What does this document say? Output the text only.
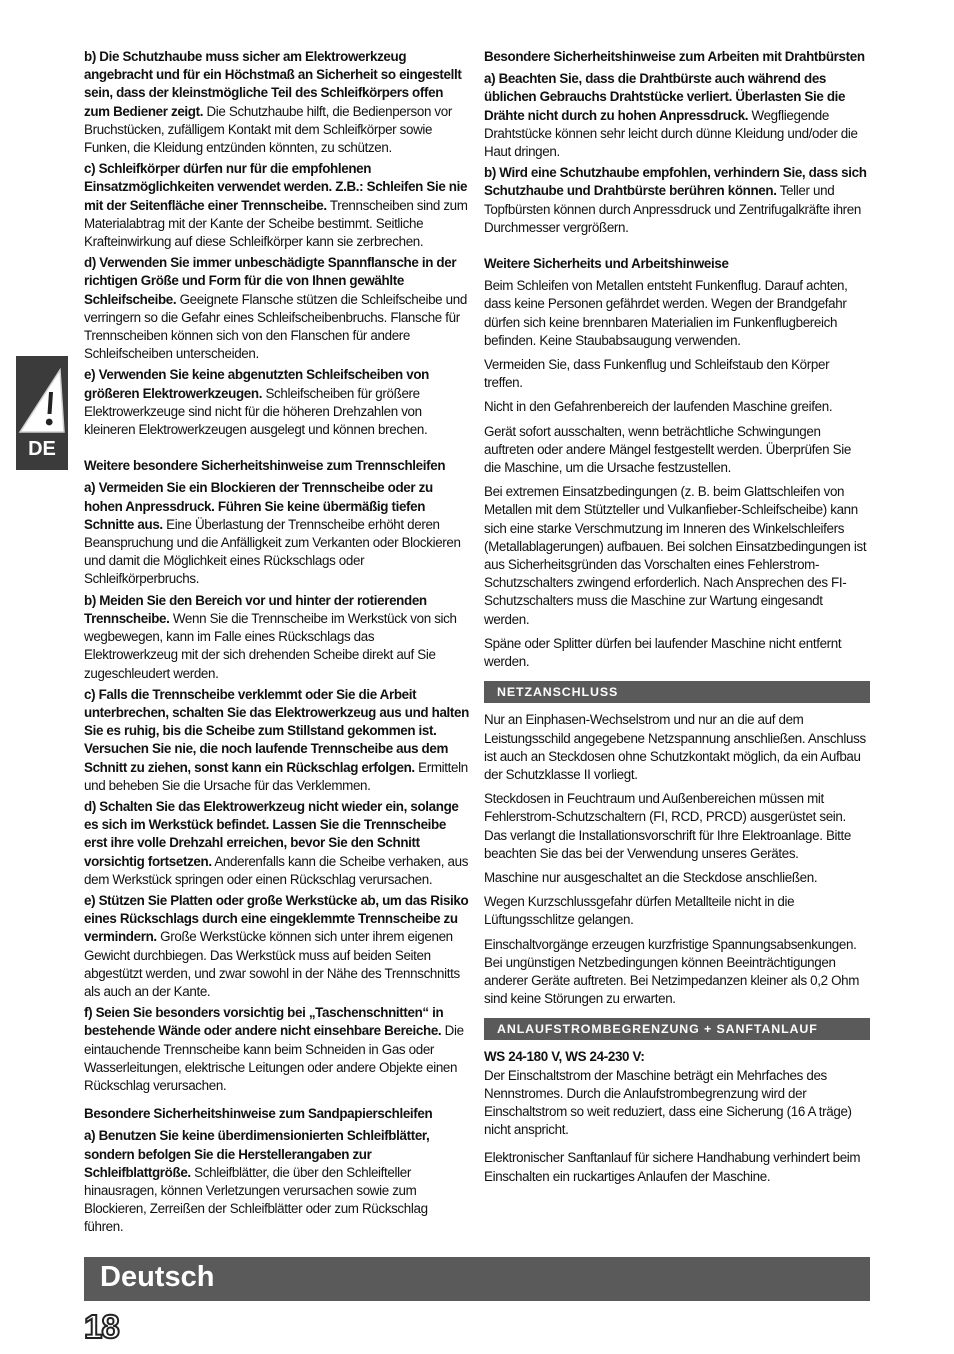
DE

b) Die Schutzhaube muss sicher am Elektrowerkzeug angebracht und für ein Höchstmaß an Sicherheit so eingestellt sein, dass der kleinstmögliche Teil des Schleifkörpers offen zum Bediener zeigt. Die Schutzhaube hilft, die Bedienperson vor Bruchstücken, zufälligem Kontakt mit dem Schleifkörper sowie Funken, die Kleidung entzünden könnten, zu schützen.

c) Schleifkörper dürfen nur für die empfohlenen Einsatzmöglichkeiten verwendet werden. Z.B.: Schleifen Sie nie mit der Seitenfläche einer Trennscheibe. Trennscheiben sind zum Materialabtrag mit der Kante der Scheibe bestimmt. Seitliche Krafteinwirkung auf diese Schleifkörper kann sie zerbrechen.

d) Verwenden Sie immer unbeschädigte Spannflansche in der richtigen Größe und Form für die von Ihnen gewählte Schleifscheibe. Geeignete Flansche stützen die Schleifscheibe und verringern so die Gefahr eines Schleifscheibenbruchs. Flansche für Trennscheiben können sich von den Flanschen für andere Schleifscheiben unterscheiden.

e) Verwenden Sie keine abgenutzten Schleifscheiben von größeren Elektrowerkzeugen. Schleifscheiben für größere Elektrowerkzeuge sind nicht für die höheren Drehzahlen von kleineren Elektrowerkzeugen ausgelegt und können brechen.

Weitere besondere Sicherheitshinweise zum Trennschleifen

a) Vermeiden Sie ein Blockieren der Trennscheibe oder zu hohen Anpressdruck. Führen Sie keine übermäßig tiefen Schnitte aus. Eine Überlastung der Trennscheibe erhöht deren Beanspruchung und die Anfälligkeit zum Verkanten oder Blockieren und damit die Möglichkeit eines Rückschlags oder Schleifkörperbruchs.

b) Meiden Sie den Bereich vor und hinter der rotierenden Trennscheibe. Wenn Sie die Trennscheibe im Werkstück von sich wegbewegen, kann im Falle eines Rückschlags das Elektrowerkzeug mit der sich drehenden Scheibe direkt auf Sie zugeschleudert werden.

c) Falls die Trennscheibe verklemmt oder Sie die Arbeit unterbrechen, schalten Sie das Elektrowerkzeug aus und halten Sie es ruhig, bis die Scheibe zum Stillstand gekommen ist. Versuchen Sie nie, die noch laufende Trennscheibe aus dem Schnitt zu ziehen, sonst kann ein Rückschlag erfolgen. Ermitteln und beheben Sie die Ursache für das Verklemmen.

d) Schalten Sie das Elektrowerkzeug nicht wieder ein, solange es sich im Werkstück befindet. Lassen Sie die Trennscheibe erst ihre volle Drehzahl erreichen, bevor Sie den Schnitt vorsichtig fortsetzen. Anderenfalls kann die Scheibe verhaken, aus dem Werkstück springen oder einen Rückschlag verursachen.

e) Stützen Sie Platten oder große Werkstücke ab, um das Risiko eines Rückschlags durch eine eingeklemmte Trennscheibe zu vermindern. Große Werkstücke können sich unter ihrem eigenen Gewicht durchbiegen. Das Werkstück muss auf beiden Seiten abgestützt werden, und zwar sowohl in der Nähe des Trennschnitts als auch an der Kante.

f) Seien Sie besonders vorsichtig bei „Taschenschnitten“ in bestehende Wände oder andere nicht einsehbare Bereiche. Die eintauchende Trennscheibe kann beim Schneiden in Gas oder Wasserleitungen, elektrische Leitungen oder andere Objekte einen Rückschlag verursachen.

Besondere Sicherheitshinweise zum Sandpapierschleifen

a) Benutzen Sie keine überdimensionierten Schleifblätter, sondern befolgen Sie die Herstellerangaben zur Schleifblattgröße. Schleifblätter, die über den Schleifteller hinausragen, können Verletzungen verursachen sowie zum Blockieren, Zerreißen der Schleifblätter oder zum Rückschlag führen.

Besondere Sicherheitshinweise zum Arbeiten mit Drahtbürsten

a) Beachten Sie, dass die Drahtbürste auch während des üblichen Gebrauchs Drahtstücke verliert. Überlasten Sie die Drähte nicht durch zu hohen Anpressdruck. Wegfliegende Drahtstücke können sehr leicht durch dünne Kleidung und/oder die Haut dringen.

b) Wird eine Schutzhaube empfohlen, verhindern Sie, dass sich Schutzhaube und Drahtbürste berühren können. Teller und Topfbürsten können durch Anpressdruck und Zentrifugalkräfte ihren Durchmesser vergrößern.

Weitere Sicherheits und Arbeitshinweise

Beim Schleifen von Metallen entsteht Funkenflug. Darauf achten, dass keine Personen gefährdet werden. Wegen der Brandgefahr dürfen sich keine brennbaren Materialien im Funkenflugbereich befinden. Keine Staubabsaugung verwenden.

Vermeiden Sie, dass Funkenflug und Schleifstaub den Körper treffen.

Nicht in den Gefahrenbereich der laufenden Maschine greifen.

Gerät sofort ausschalten, wenn beträchtliche Schwingungen auftreten oder andere Mängel festgestellt werden. Überprüfen Sie die Maschine, um die Ursache festzustellen.

Bei extremen Einsatzbedingungen (z. B. beim Glattschleifen von Metallen mit dem Stützteller und Vulkanfieber-Schleifscheibe) kann sich eine starke Verschmutzung im Inneren des Winkelschleifers (Metallablagerungen) aufbauen. Bei solchen Einsatzbedingungen ist aus Sicherheitsgründen das Vorschalten eines Fehlerstrom-Schutzschalters zwingend erforderlich. Nach Ansprechen des FI-Schutzschalters muss die Maschine zur Wartung eingesandt werden.

Späne oder Splitter dürfen bei laufender Maschine nicht entfernt werden.

NETZANSCHLUSS

Nur an Einphasen-Wechselstrom und nur an die auf dem Leistungsschild angegebene Netzspannung anschließen. Anschluss ist auch an Steckdosen ohne Schutzkontakt möglich, da ein Aufbau der Schutzklasse II vorliegt.

Steckdosen in Feuchtraum und Außenbereichen müssen mit Fehlerstrom-Schutzschaltern (FI, RCD, PRCD) ausgerüstet sein. Das verlangt die Installationsvorschrift für Ihre Elektroanlage. Bitte beachten Sie das bei der Verwendung unseres Gerätes.

Maschine nur ausgeschaltet an die Steckdose anschließen.

Wegen Kurzschlussgefahr dürfen Metallteile nicht in die Lüftungsschlitze gelangen.

Einschaltvorgänge erzeugen kurzfristige Spannungsabsenkungen. Bei ungünstigen Netzbedingungen können Beeinträchtigungen anderer Geräte auftreten. Bei Netzimpedanzen kleiner als 0,2 Ohm sind keine Störungen zu erwarten.

ANLAUFSTROMBEGRENZUNG + SANFTANLAUF

WS 24-180 V, WS 24-230 V:
Der Einschaltstrom der Maschine beträgt ein Mehrfaches des Nennstromes. Durch die Anlaufstrombegrenzung wird der Einschaltstrom so weit reduziert, dass eine Sicherung (16 A träge) nicht anspricht.

Elektronischer Sanftanlauf für sichere Handhabung verhindert beim Einschalten ein ruckartiges Anlaufen der Maschine.

Deutsch
18
